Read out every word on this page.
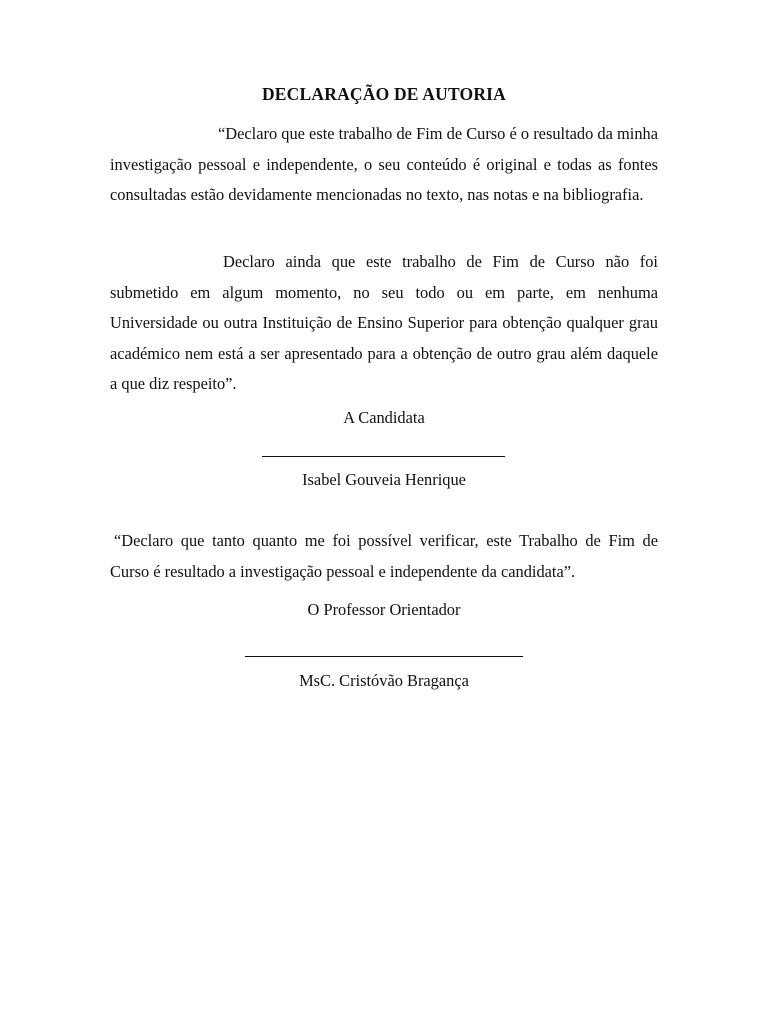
DECLARAÇÃO DE AUTORIA

“Declaro que este trabalho de Fim de Curso é o resultado da minha investigação pessoal e independente, o seu conteúdo é original e todas as fontes consultadas estão devidamente mencionadas no texto, nas notas e na bibliografia.

Declaro ainda que este trabalho de Fim de Curso não foi submetido em algum momento, no seu todo ou em parte, em nenhuma Universidade ou outra Instituição de Ensino Superior para obtenção qualquer grau académico nem está a ser apresentado para a obtenção de outro grau além daquele a que diz respeito”.

A Candidata
Isabel Gouveia Henrique

“Declaro que tanto quanto me foi possível verificar, este Trabalho de Fim de Curso é resultado a investigação pessoal e independente da candidata”.

O Professor Orientador
MsC. Cristóvão Bragança
